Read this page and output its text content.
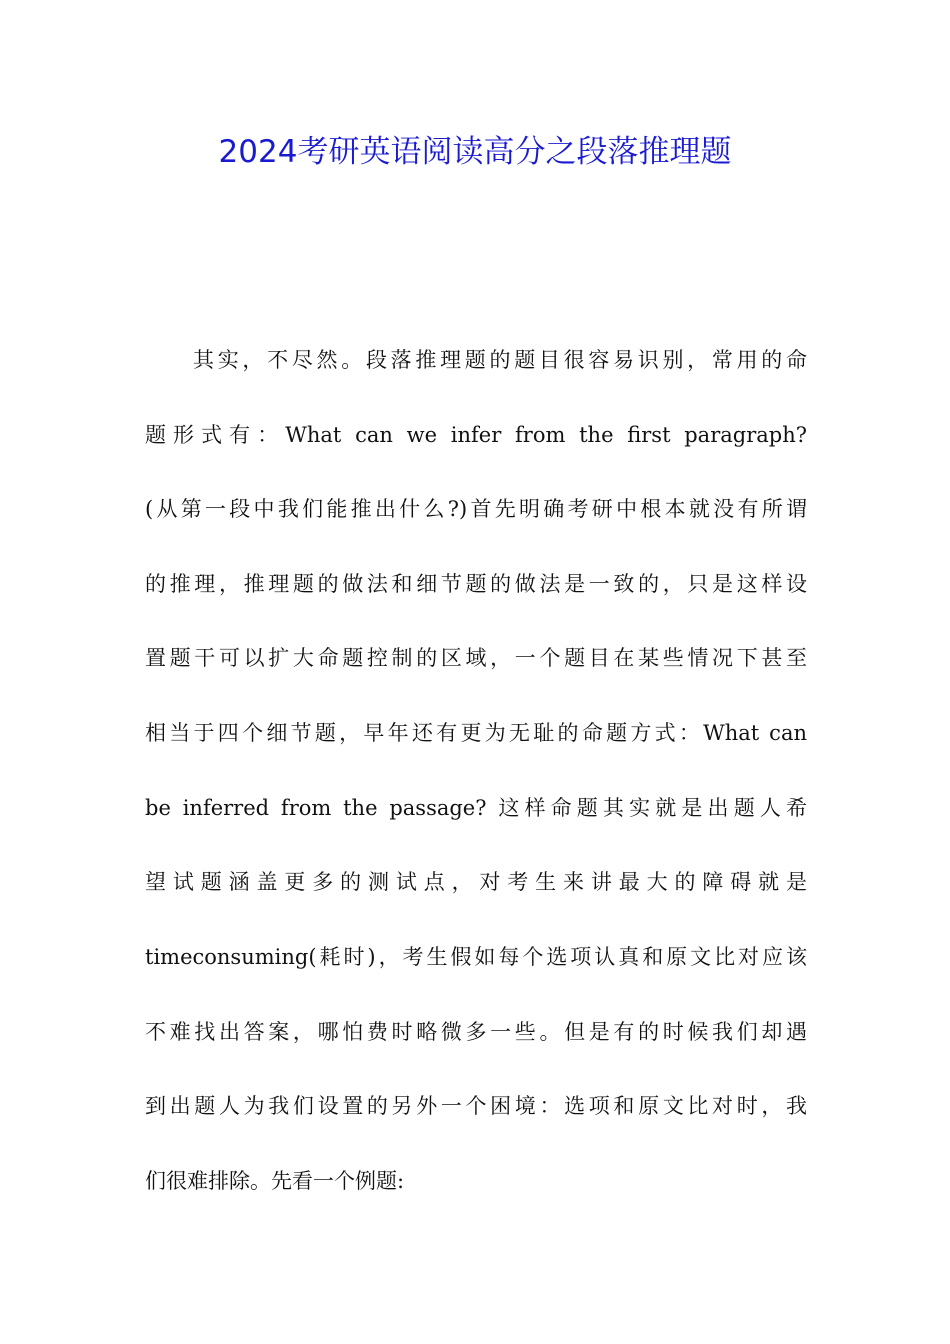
2024考研英语阅读高分之段落推理题
其实，不尽然。段落推理题的题目很容易识别，常用的命
题形式有：What can we infer from the first paragraph?
(从第一段中我们能推出什么?)首先明确考研中根本就没有所谓
的推理，推理题的做法和细节题的做法是一致的，只是这样设
置题干可以扩大命题控制的区域，一个题目在某些情况下甚至
相当于四个细节题，早年还有更为无耻的命题方式：What can
be inferred from the passage? 这样命题其实就是出题人希
望试题涵盖更多的测试点，对考生来讲最大的障碍就是
timeconsuming(耗时)，考生假如每个选项认真和原文比对应该
不难找出答案，哪怕费时略微多一些。但是有的时候我们却遇
到出题人为我们设置的另外一个困境：选项和原文比对时，我
们很难排除。先看一个例题:
